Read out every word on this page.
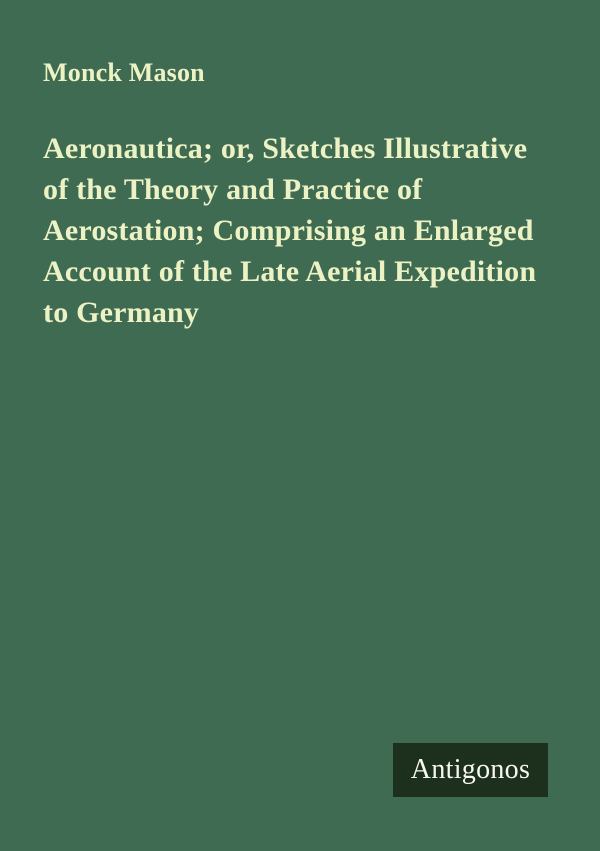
Monck Mason
Aeronautica; or, Sketches Illustrative
of the Theory and Practice of
Aerostation; Comprising an Enlarged
Account of the Late Aerial Expedition
to Germany
Antigonos
